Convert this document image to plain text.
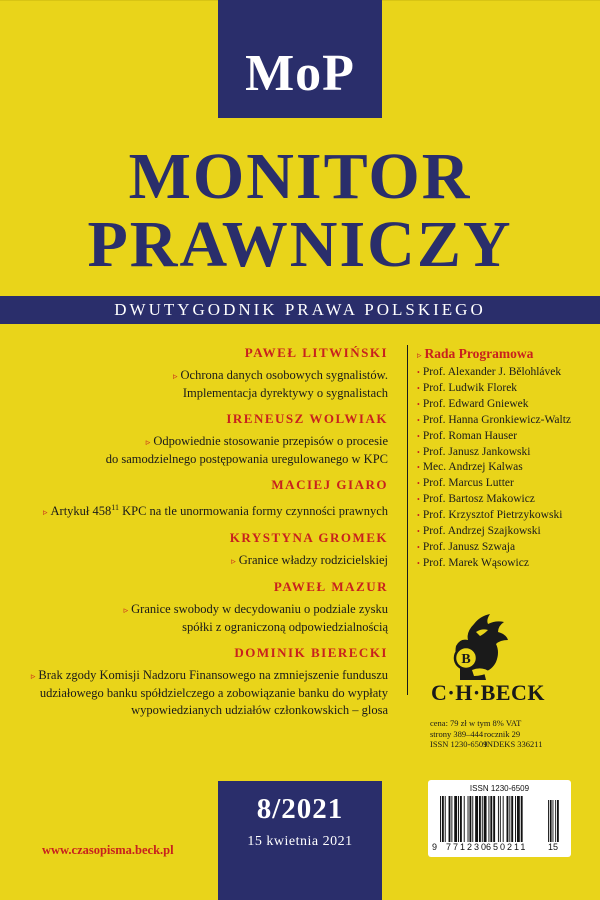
MoP
MONITOR
PRAWNICZY
DWUTYGODNIK PRAWA POLSKIEGO

PAWEŁ LITWIŃSKI

▹ Ochrona danych osobowych sygnalistów.

Implementacja dyrektywy o sygnalistach

IRENEUSZ WOLWIAK

▹ Odpowiednie stosowanie przepisów o procesie

do samodzielnego postępowania uregulowanego w KPC

MACIEJ GIARO

▹ Artykuł $458^{11}$ KPC na tle unormowania formy czynności prawnych

KRYSTYNA GROMEK

▹ Granice władzy rodzicielskiej

PAWEŁ MAZUR

▹ Granice swobody w decydowaniu o podziale zysku

spółki z ograniczoną odpowiedzialnością

DOMINIK BIERECKI

▹ Brak zgody Komisji Nadzoru Finansowego na zmniejszenie funduszu

udziałowego banku spółdzielczego a zobowiązanie banku do wypłaty

wypowiedzianych udziałów członkowskich – glosa

▹ Rada Programowa
• Prof. Alexander J. Bělohlávek
• Prof. Ludwik Florek
• Prof. Edward Gniewek
• Prof. Hanna Gronkiewicz-Waltz
• Prof. Roman Hauser
• Prof. Janusz Jankowski
• Mec. Andrzej Kalwas
• Prof. Marcus Lutter
• Prof. Bartosz Makowicz
• Prof. Krzysztof Pietrzykowski
• Prof. Andrzej Szajkowski
• Prof. Janusz Szwaja
• Prof. Marek Wąsowicz
B
C·H·BECK
cena: 79 zł w tym 8% VAT
strony 389–444 rocznik 29
ISSN 1230-6509
INDEKS 336211
8/2021
15 kwietnia 2021
www.czasopisma.beck.pl
ISSN 1230-6509
9 771230
650211 15
